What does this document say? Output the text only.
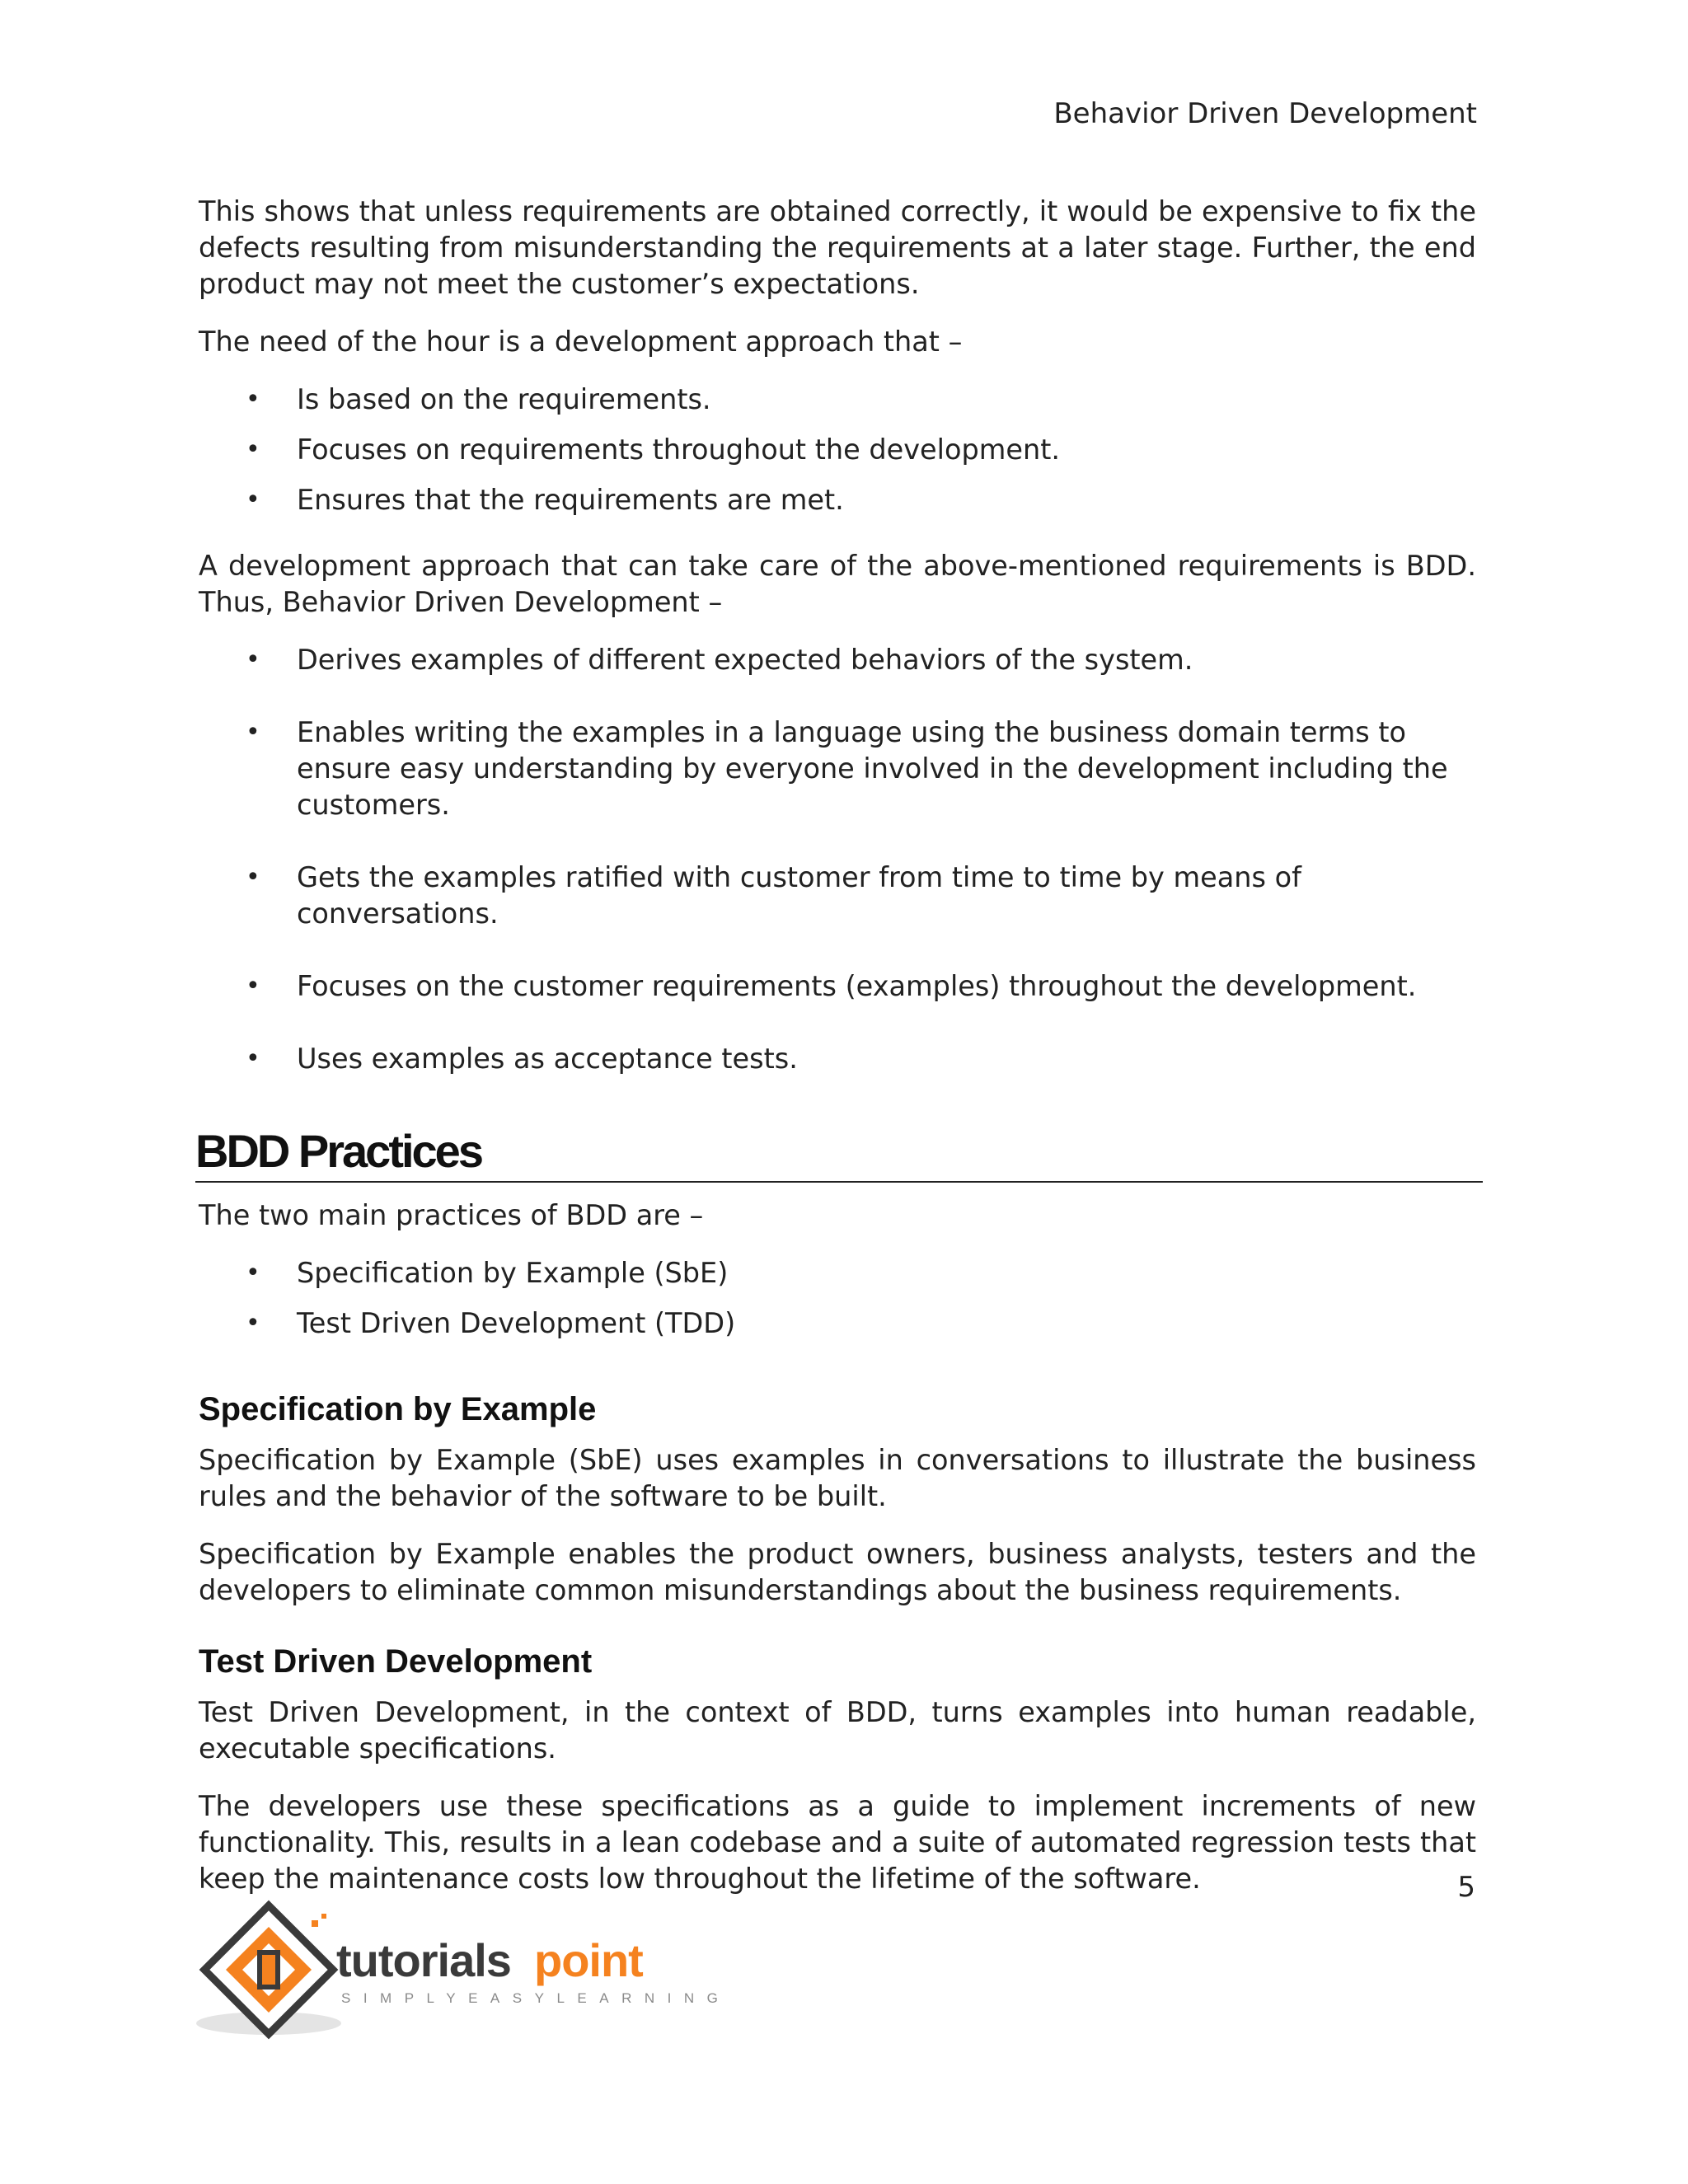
Behavior Driven Development

This shows that unless requirements are obtained correctly, it would be expensive to fix the defects resulting from misunderstanding the requirements at a later stage. Further, the end product may not meet the customer’s expectations.

The need of the hour is a development approach that –

• Is based on the requirements.
• Focuses on requirements throughout the development.
• Ensures that the requirements are met.

A development approach that can take care of the above-mentioned requirements is BDD. Thus, Behavior Driven Development –

• Derives examples of different expected behaviors of the system.
• Enables writing the examples in a language using the business domain terms to ensure easy understanding by everyone involved in the development including the customers.
• Gets the examples ratified with customer from time to time by means of conversations.
• Focuses on the customer requirements (examples) throughout the development.
• Uses examples as acceptance tests.
BDD Practices

The two main practices of BDD are –

• Specification by Example (SbE)
• Test Driven Development (TDD)
Specification by Example

Specification by Example (SbE) uses examples in conversations to illustrate the business rules and the behavior of the software to be built.

Specification by Example enables the product owners, business analysts, testers and the developers to eliminate common misunderstandings about the business requirements.

Test Driven Development

Test Driven Development, in the context of BDD, turns examples into human readable, executable specifications.

The developers use these specifications as a guide to implement increments of new functionality. This, results in a lean codebase and a suite of automated regression tests that keep the maintenance costs low throughout the lifetime of the software.	5
tutorials point
SIMPLYEASYLEARNING
